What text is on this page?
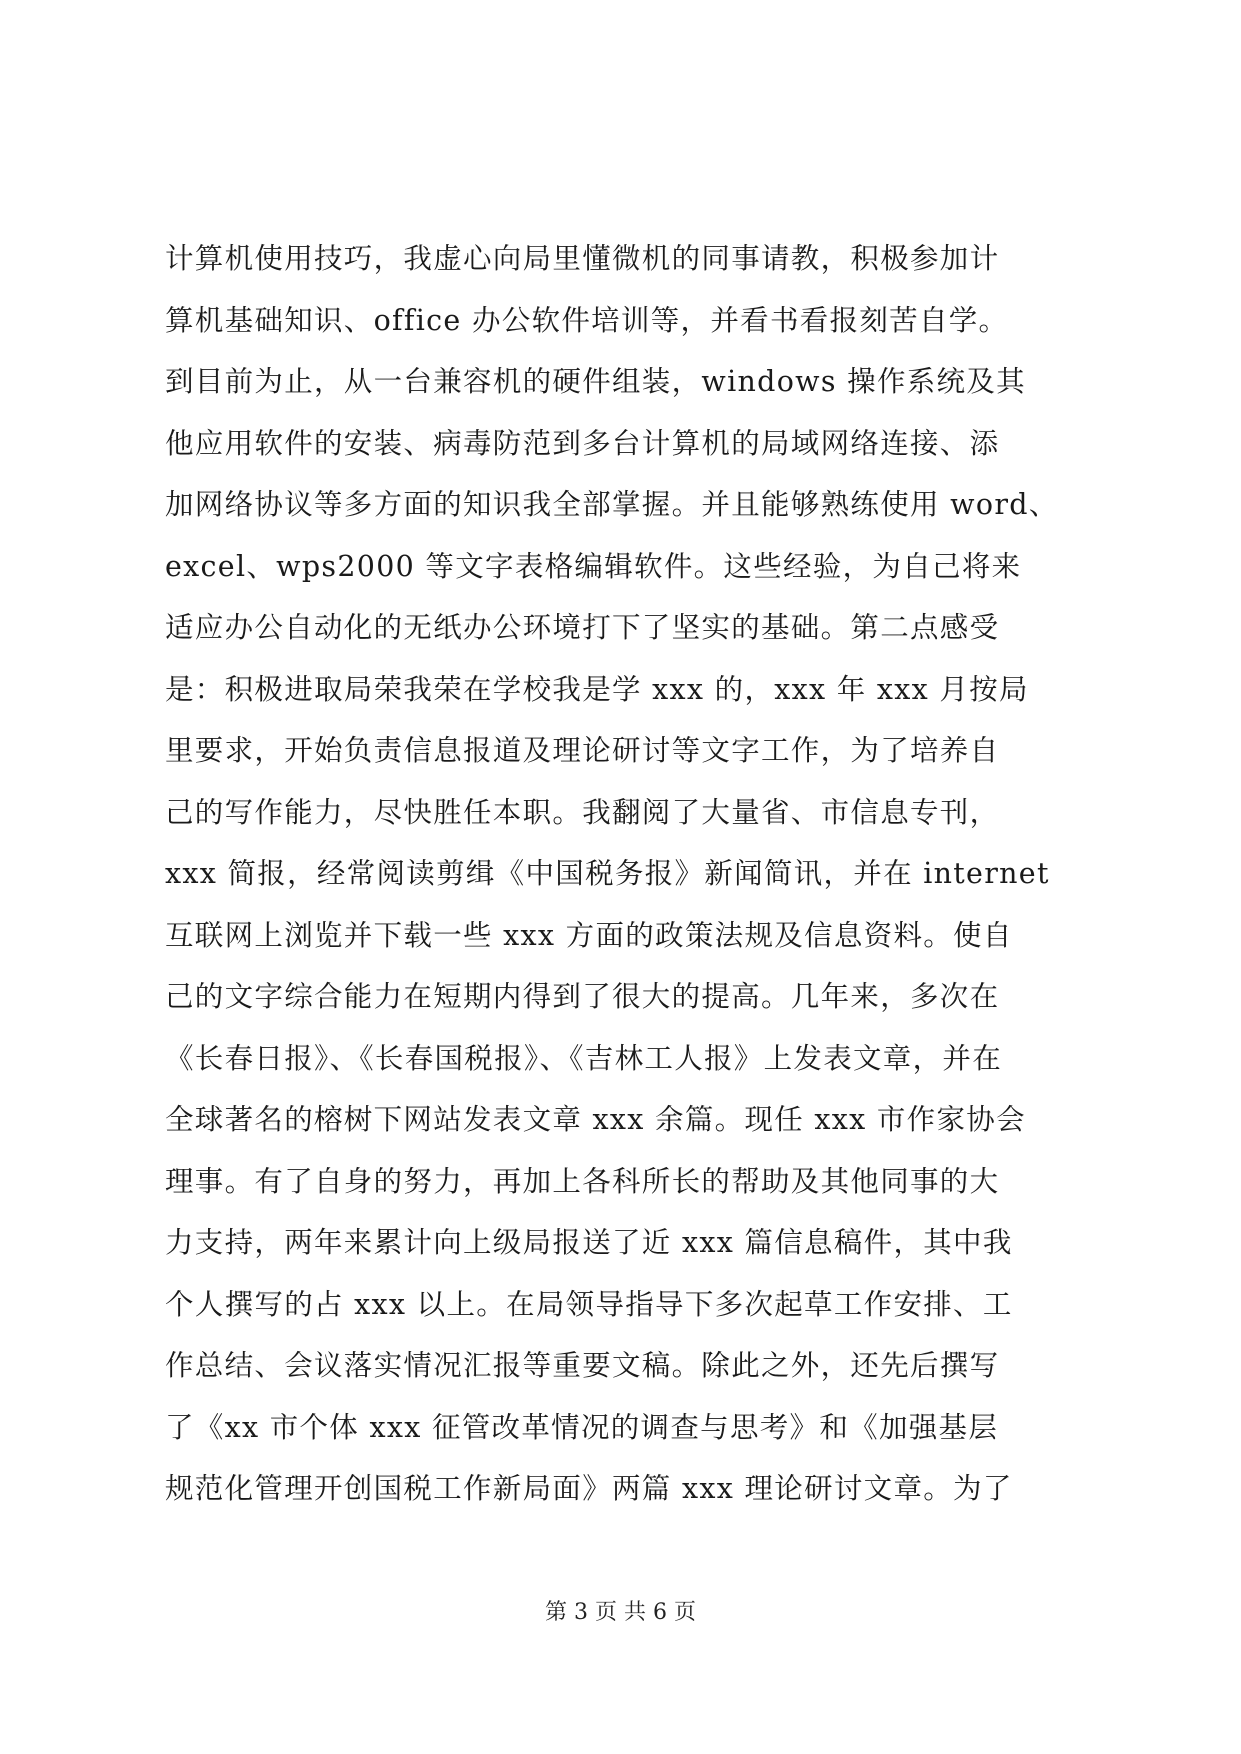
计算机使用技巧，我虚心向局里懂微机的同事请教，积极参加计
算机基础知识、office 办公软件培训等，并看书看报刻苦自学。
到目前为止，从一台兼容机的硬件组装，windows 操作系统及其
他应用软件的安装、病毒防范到多台计算机的局域网络连接、添
加网络协议等多方面的知识我全部掌握。并且能够熟练使用 word、
excel、wps2000 等文字表格编辑软件。这些经验，为自己将来
适应办公自动化的无纸办公环境打下了坚实的基础。第二点感受
是：积极进取局荣我荣在学校我是学 xxx 的，xxx 年 xxx 月按局
里要求，开始负责信息报道及理论研讨等文字工作，为了培养自
己的写作能力，尽快胜任本职。我翻阅了大量省、市信息专刊，
xxx 简报，经常阅读剪缉《中国税务报》新闻简讯，并在 internet
互联网上浏览并下载一些 xxx 方面的政策法规及信息资料。使自
己的文字综合能力在短期内得到了很大的提高。几年来，多次在
《长春日报》、《长春国税报》、《吉林工人报》上发表文章，并在
全球著名的榕树下网站发表文章 xxx 余篇。现任 xxx 市作家协会
理事。有了自身的努力，再加上各科所长的帮助及其他同事的大
力支持，两年来累计向上级局报送了近 xxx 篇信息稿件，其中我
个人撰写的占 xxx 以上。在局领导指导下多次起草工作安排、工
作总结、会议落实情况汇报等重要文稿。除此之外，还先后撰写
了《xx 市个体 xxx 征管改革情况的调查与思考》和《加强基层
规范化管理开创国税工作新局面》两篇 xxx 理论研讨文章。为了
第 3 页 共 6 页
